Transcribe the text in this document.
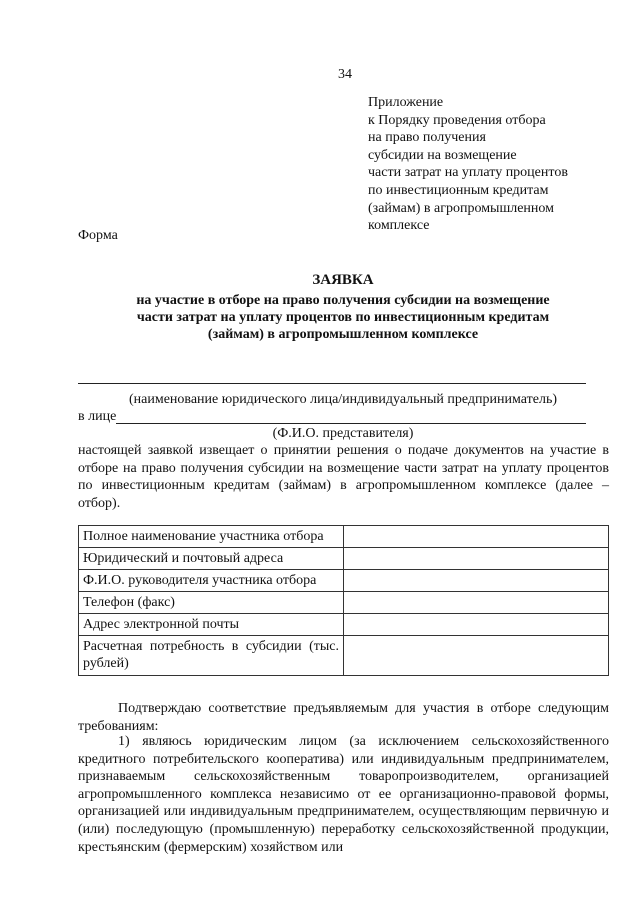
34
Приложение
к Порядку проведения отбора
на право получения
субсидии на возмещение
части затрат на уплату процентов
по инвестиционным кредитам
(займам) в агропромышленном
комплексе
Форма
ЗАЯВКА
на участие в отборе на право получения субсидии на возмещение
части затрат на уплату процентов по инвестиционным кредитам
(займам) в агропромышленном комплексе
(наименование юридического лица/индивидуальный предприниматель)
в лице
(Ф.И.О. представителя)
настоящей заявкой извещает о принятии решения о подаче документов на участие в отборе на право получения субсидии на возмещение части затрат на уплату процентов по инвестиционным кредитам (займам) в агропромышленном комплексе (далее – отбор).
Полное наименование участника отбора	
Юридический и почтовый адреса	
Ф.И.О. руководителя участника отбора	
Телефон (факс)	
Адрес электронной почты	
Расчетная потребность в субсидии (тыс. рублей)	
Подтверждаю соответствие предъявляемым для участия в отборе следующим требованиям:
1) являюсь юридическим лицом (за исключением сельскохозяйственного кредитного потребительского кооператива) или индивидуальным предпринимателем, признаваемым сельскохозяйственным товаропроизводителем, организацией агропромышленного комплекса независимо от ее организационно-правовой формы, организацией или индивидуальным предпринимателем, осуществляющим первичную и (или) последующую (промышленную) переработку сельскохозяйственной продукции, крестьянским (фермерским) хозяйством или
